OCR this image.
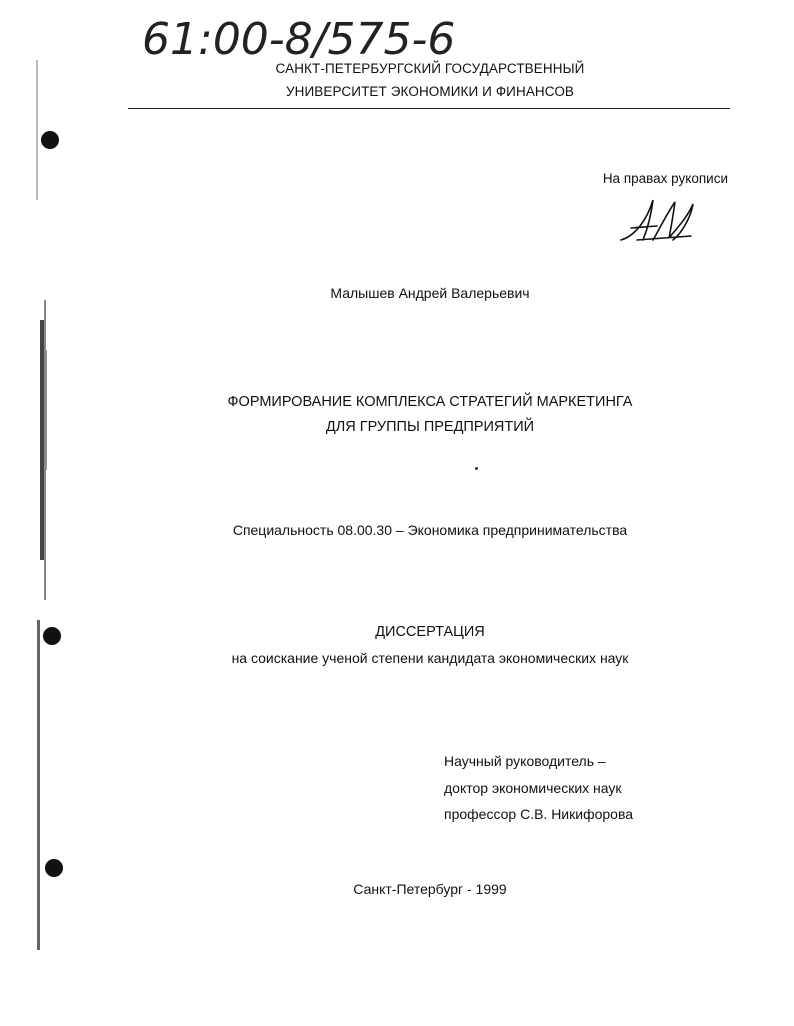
61:00-8/575-6
САНКТ-ПЕТЕРБУРГСКИЙ ГОСУДАРСТВЕННЫЙ
УНИВЕРСИТЕТ ЭКОНОМИКИ И ФИНАНСОВ
На правах рукописи
Малышев Андрей Валерьевич
ФОРМИРОВАНИЕ КОМПЛЕКСА СТРАТЕГИЙ МАРКЕТИНГА
ДЛЯ ГРУППЫ ПРЕДПРИЯТИЙ
Специальность 08.00.30 – Экономика предпринимательства
ДИССЕРТАЦИЯ
на соискание ученой степени кандидата экономических наук
Научный руководитель –
доктор экономических наук
профессор С.В. Никифорова
Санкт-Петербург - 1999
